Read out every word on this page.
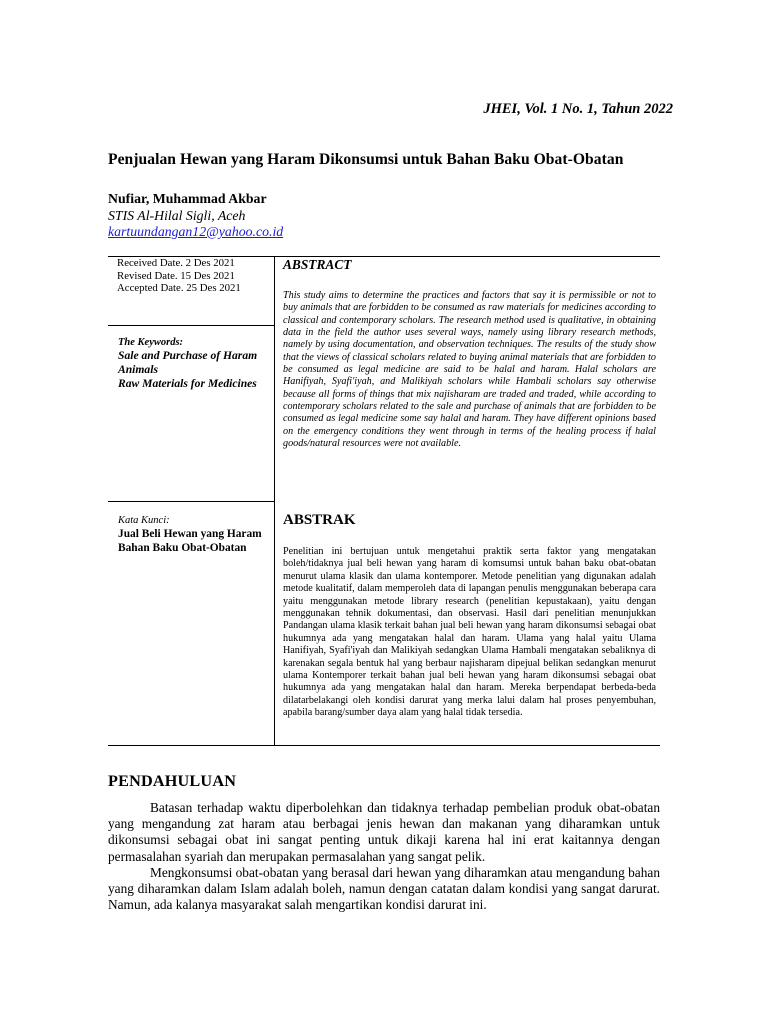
JHEI, Vol. 1 No. 1, Tahun 2022
Penjualan Hewan yang Haram Dikonsumsi untuk Bahan Baku Obat-Obatan
Nufiar, Muhammad Akbar
STIS Al-Hilal Sigli, Aceh
kartuundangan12@yahoo.co.id
Received Date. 2 Des 2021
Revised Date. 15 Des 2021
Accepted Date. 25 Des 2021
The Keywords:
Sale and Purchase of Haram Animals
Raw Materials for Medicines
Kata Kunci:
Jual Beli Hewan yang Haram
Bahan Baku Obat-Obatan
ABSTRACT
This study aims to determine the practices and factors that say it is permissible or not to buy animals that are forbidden to be consumed as raw materials for medicines according to classical and contemporary scholars. The research method used is qualitative, in obtaining data in the field the author uses several ways, namely using library research methods, namely by using documentation, and observation techniques. The results of the study show that the views of classical scholars related to buying animal materials that are forbidden to be consumed as legal medicine are said to be halal and haram. Halal scholars are Hanifiyah, Syafi'iyah, and Malikiyah scholars while Hambali scholars say otherwise because all forms of things that mix najisharam are traded and traded, while according to contemporary scholars related to the sale and purchase of animals that are forbidden to be consumed as legal medicine some say halal and haram. They have different opinions based on the emergency conditions they went through in terms of the healing process if halal goods/natural resources were not available.
ABSTRAK
Penelitian ini bertujuan untuk mengetahui praktik serta faktor yang mengatakan boleh/tidaknya jual beli hewan yang haram di komsumsi untuk bahan baku obat-obatan menurut ulama klasik dan ulama kontemporer. Metode penelitian yang digunakan adalah metode kualitatif, dalam memperoleh data di lapangan penulis menggunakan beberapa cara yaitu menggunakan metode library research (penelitian kepustakaan), yaitu dengan menggunakan tehnik dokumentasi, dan observasi. Hasil dari penelitian menunjukkan Pandangan ulama klasik terkait bahan jual beli hewan yang haram dikonsumsi sebagai obat hukumnya ada yang mengatakan halal dan haram. Ulama yang halal yaitu Ulama Hanifiyah, Syafi'iyah dan Malikiyah sedangkan Ulama Hambali mengatakan sebaliknya di karenakan segala bentuk hal yang berbaur najisharam dipejual belikan sedangkan menurut ulama Kontemporer terkait bahan jual beli hewan yang haram dikonsumsi sebagai obat hukumnya ada yang mengatakan halal dan haram. Mereka berpendapat berbeda-beda dilatarbelakangi oleh kondisi darurat yang merka lalui dalam hal proses penyembuhan, apabila barang/sumber daya alam yang halal tidak tersedia.
PENDAHULUAN
Batasan terhadap waktu diperbolehkan dan tidaknya terhadap pembelian produk obat-obatan yang mengandung zat haram atau berbagai jenis hewan dan makanan yang diharamkan untuk dikonsumsi sebagai obat ini sangat penting untuk dikaji karena hal ini erat kaitannya dengan permasalahan syariah dan merupakan permasalahan yang sangat pelik.
Mengkonsumsi obat-obatan yang berasal dari hewan yang diharamkan atau mengandung bahan yang diharamkan dalam Islam adalah boleh, namun dengan catatan dalam kondisi yang sangat darurat. Namun, ada kalanya masyarakat salah mengartikan kondisi darurat ini.
